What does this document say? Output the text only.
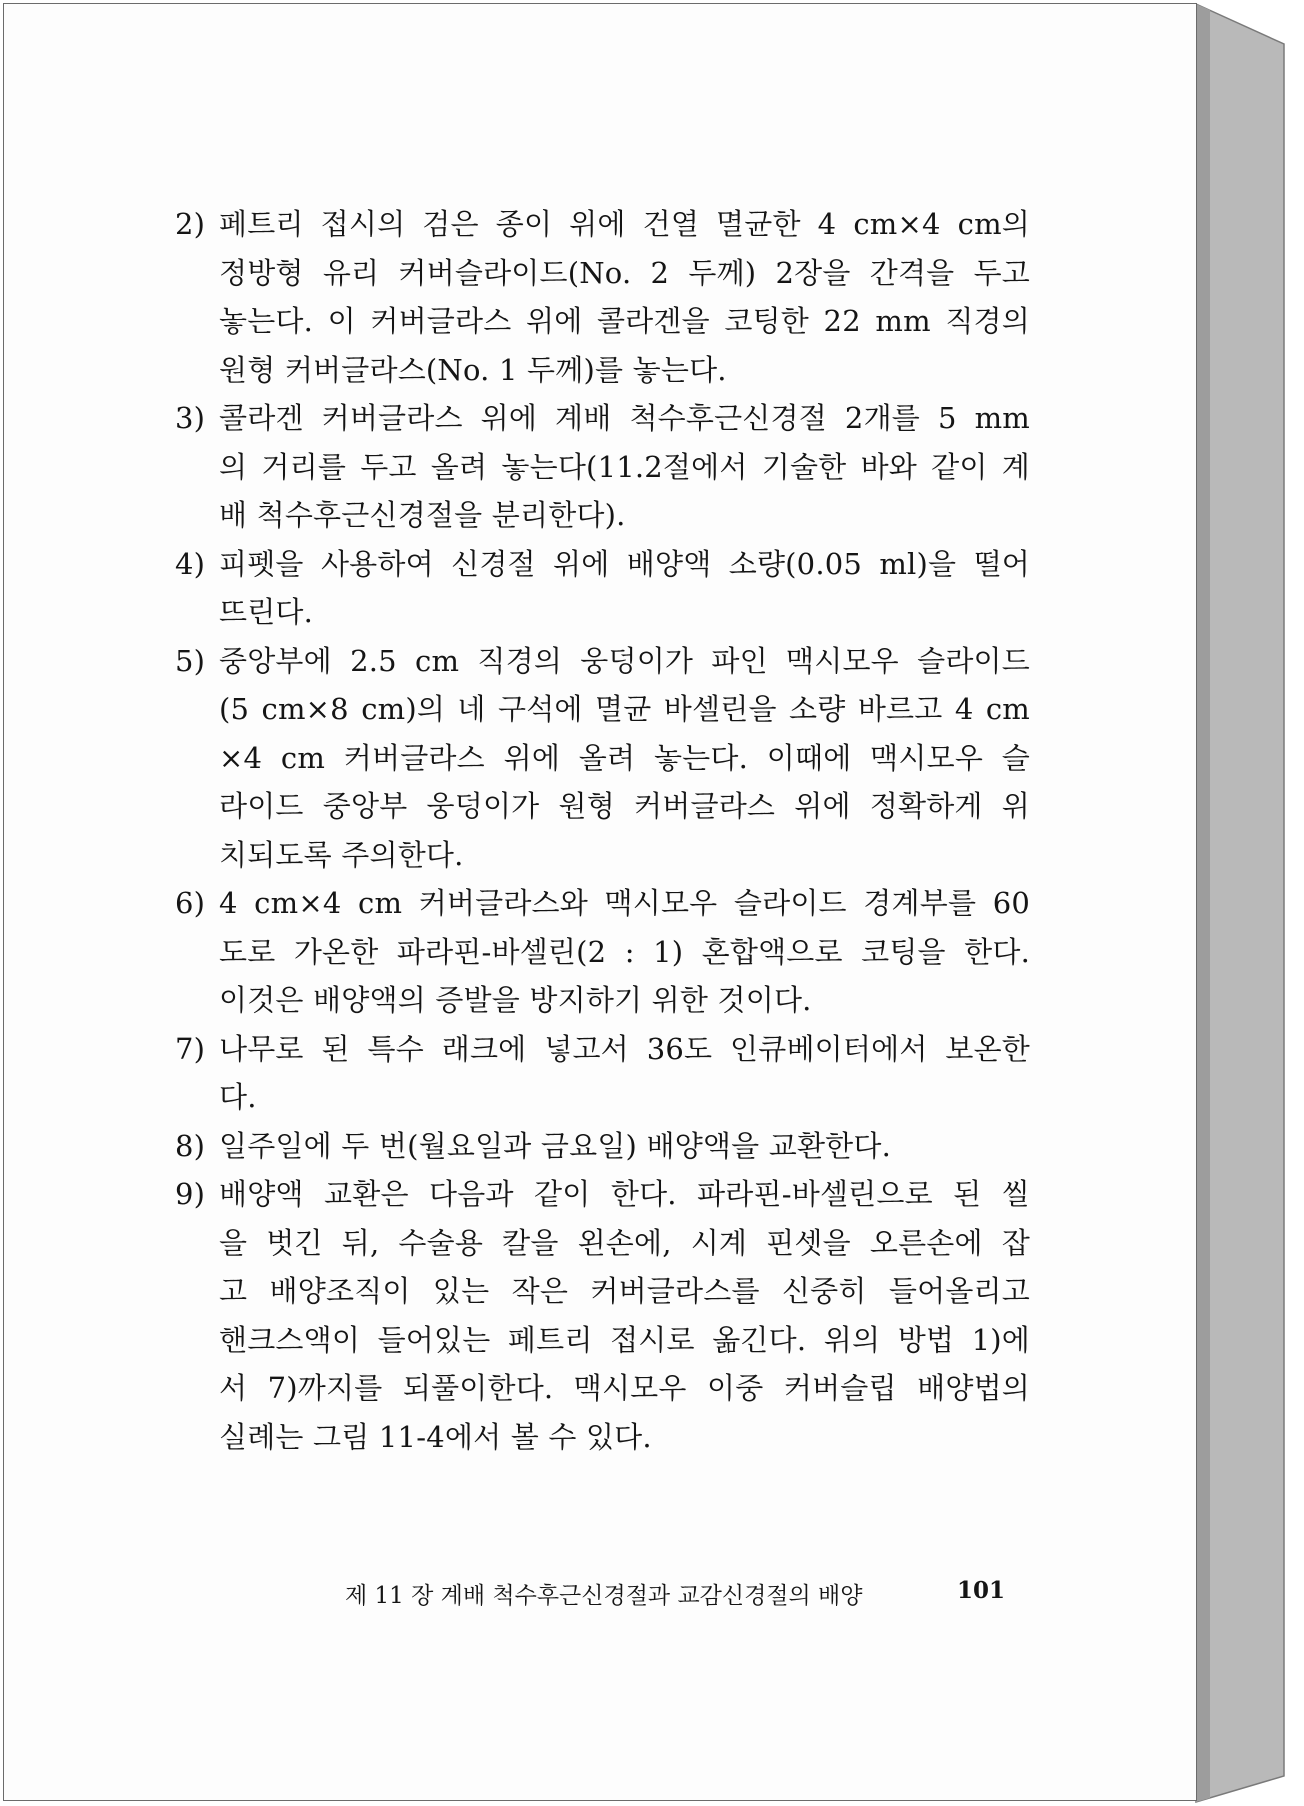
2) 페트리 접시의 검은 종이 위에 건열 멸균한 4 cm×4 cm의
정방형 유리 커버슬라이드(No. 2 두께) 2장을 간격을 두고
놓는다. 이 커버글라스 위에 콜라겐을 코팅한 22 mm 직경의
원형 커버글라스(No. 1 두께)를 놓는다.
3) 콜라겐 커버글라스 위에 계배 척수후근신경절 2개를 5 mm
의 거리를 두고 올려 놓는다(11.2절에서 기술한 바와 같이 계
배 척수후근신경절을 분리한다).
4) 피펫을 사용하여 신경절 위에 배양액 소량(0.05 ml)을 떨어
뜨린다.
5) 중앙부에 2.5 cm 직경의 웅덩이가 파인 맥시모우 슬라이드
(5 cm×8 cm)의 네 구석에 멸균 바셀린을 소량 바르고 4 cm
×4 cm 커버글라스 위에 올려 놓는다. 이때에 맥시모우 슬
라이드 중앙부 웅덩이가 원형 커버글라스 위에 정확하게 위
치되도록 주의한다.
6) 4 cm×4 cm 커버글라스와 맥시모우 슬라이드 경계부를 60
도로 가온한 파라핀-바셀린(2 : 1) 혼합액으로 코팅을 한다.
이것은 배양액의 증발을 방지하기 위한 것이다.
7) 나무로 된 특수 래크에 넣고서 36도 인큐베이터에서 보온한
다.
8) 일주일에 두 번(월요일과 금요일) 배양액을 교환한다.
9) 배양액 교환은 다음과 같이 한다. 파라핀-바셀린으로 된 씰
을 벗긴 뒤, 수술용 칼을 왼손에, 시계 핀셋을 오른손에 잡
고 배양조직이 있는 작은 커버글라스를 신중히 들어올리고
핸크스액이 들어있는 페트리 접시로 옮긴다. 위의 방법 1)에
서 7)까지를 되풀이한다. 맥시모우 이중 커버슬립 배양법의
실례는 그림 11-4에서 볼 수 있다.
제 11 장 계배 척수후근신경절과 교감신경절의 배양	101
